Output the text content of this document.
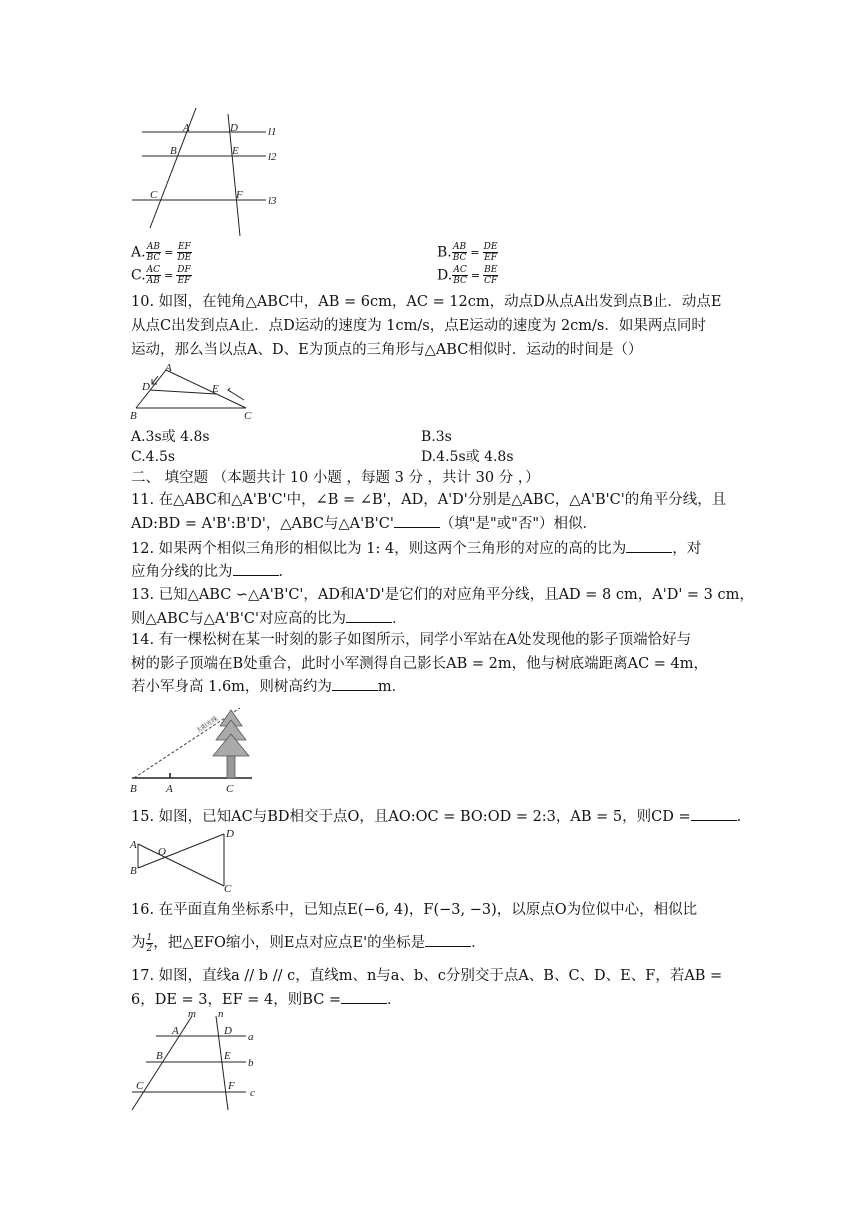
A	D	l1
B	E	l2
C	F l3
A. $\frac{AB}{BC} = \frac{EF}{DE}$	B. $\frac{AB}{BC} = \frac{DE}{EF}$
C. $\frac{AC}{AB} = \frac{DF}{EF}$	D. $\frac{AC}{BC} = \frac{BE}{CF}$
10. 如图，在钝角△ABC中，AB = 6cm，AC = 12cm，动点D从点A出发到点B止．动点E
从点C出发到点A止．点D运动的速度为 1cm/s，点E运动的速度为 2cm/s．如果两点同时
运动，那么当以点A、D、E为顶点的三角形与△ABC相似时．运动的时间是（）
A
D	E
B	C
A.3s或 4.8s	B.3s
C.4.5s	D.4.5s或 4.8s
二、 填空题 （本题共计 10 小题 ，每题 3 分 ，共计 30 分 ，）
11. 在△ABC和△A'B'C'中，∠B = ∠B'，AD，A'D'分别是△ABC，△A'B'C'的角平分线，且
AD:BD = A'B':B'D'，△ABC与△A'B'C'	（填"是"或"否"）相似．
12. 如果两个相似三角形的相似比为 1: 4，则这两个三角形的对应的高的比为	，对
应角分线的比为	．
13. 已知△ABC ∽△A'B'C'，AD和A'D'是它们的对应角平分线，且AD = 8 cm，A'D' = 3 cm，
则△ABC与△A'B'C'对应高的比为	．
14. 有一棵松树在某一时刻的影子如图所示，同学小军站在A处发现他的影子顶端恰好与
树的影子顶端在B处重合，此时小军测得自己影长AB = 2m，他与树底端距离AC = 4m，
若小军身高 1.6m，则树高约为	m．
太阳光线
B	A	C
15. 如图，已知AC与BD相交于点O，且AO:OC = BO:OD = 2:3，AB = 5，则CD =	．
A
O
D
B
C
16. 在平面直角坐标系中，已知点E(−6, 4)，F(−3, −3)，以原点O为位似中心，相似比
为 $\frac{1}{2}$ ，把△EFO缩小，则E点对应点E'的坐标是	．
17. 如图，直线a // b // c，直线m、n与a、b、c分别交于点A、B、C、D、E、F，若AB =
6，DE = 3，EF = 4，则BC =	．
m n
A	D a
B	E
b
C	F
c
